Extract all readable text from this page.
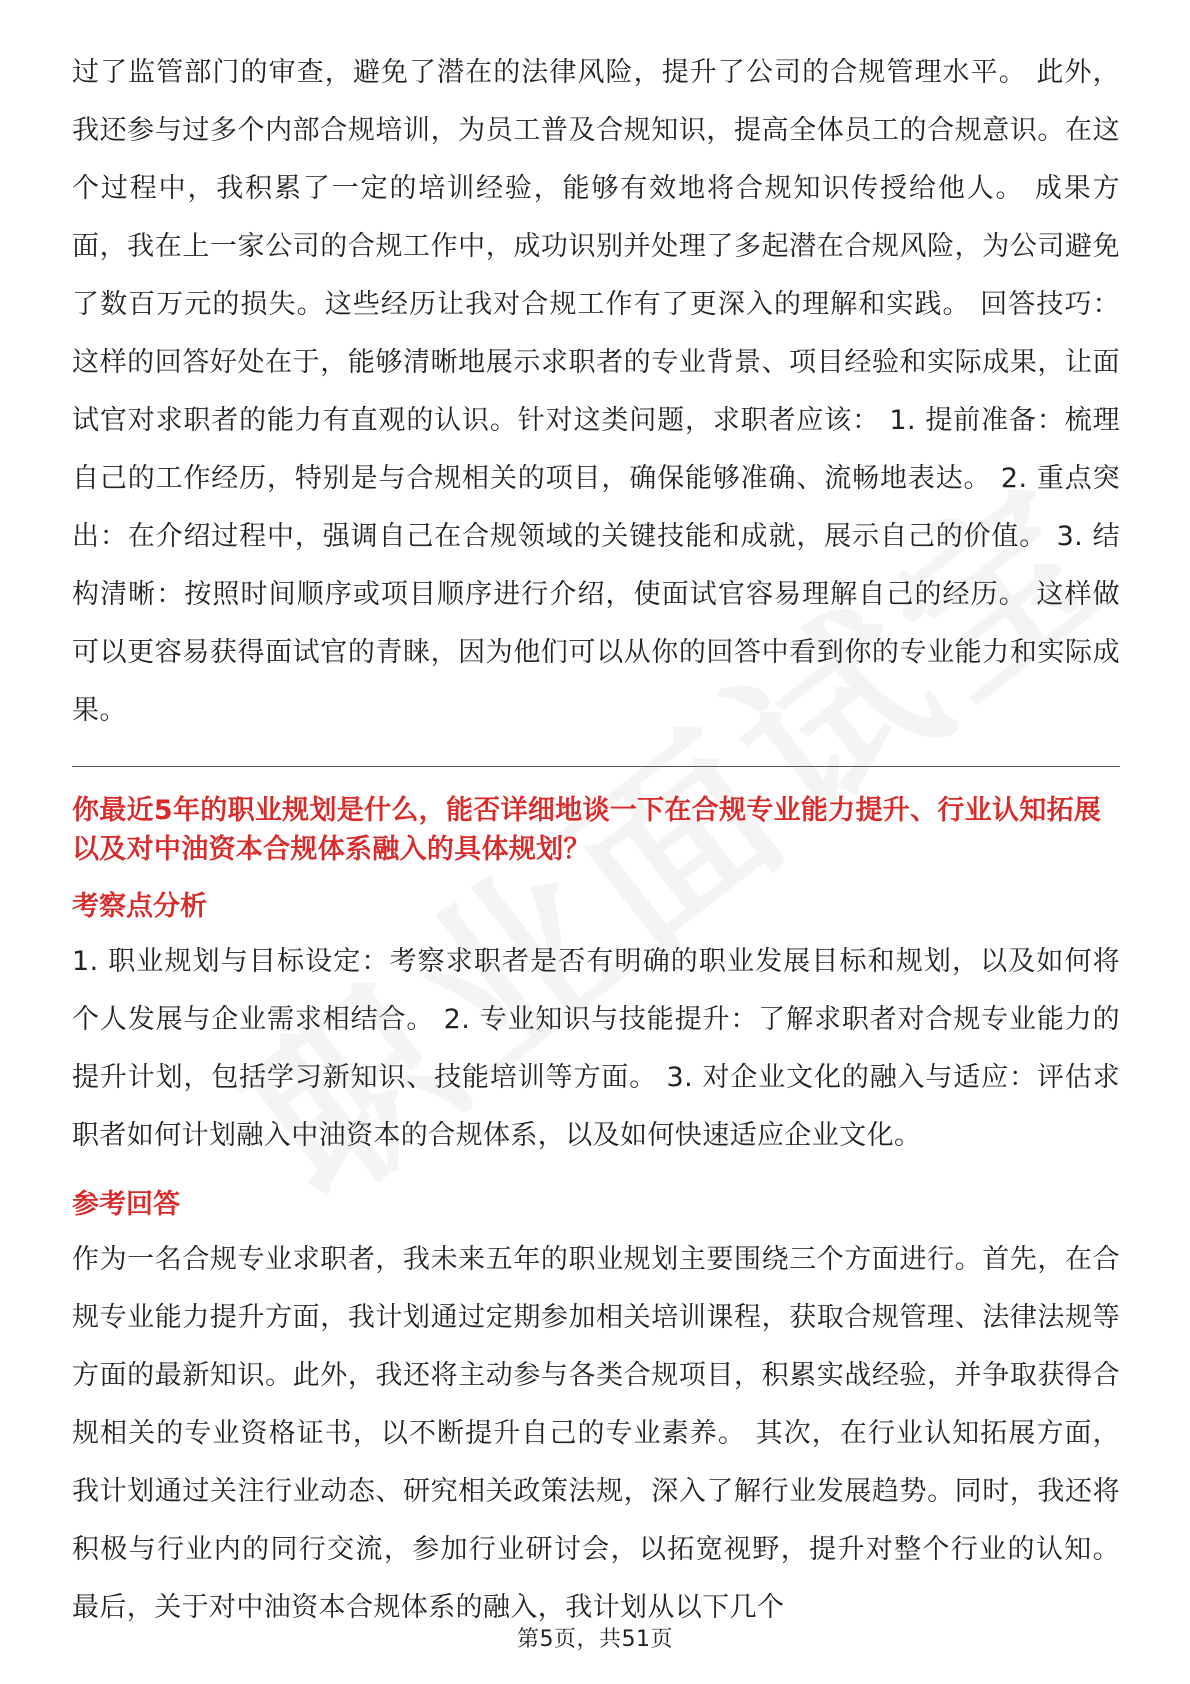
过了监管部门的审查，避免了潜在的法律风险，提升了公司的合规管理水平。 此外，我还参与过多个内部合规培训，为员工普及合规知识，提高全体员工的合规意识。在这个过程中，我积累了一定的培训经验，能够有效地将合规知识传授给他人。 成果方面，我在上一家公司的合规工作中，成功识别并处理了多起潜在合规风险，为公司避免了数百万元的损失。这些经历让我对合规工作有了更深入的理解和实践。 回答技巧： 这样的回答好处在于，能够清晰地展示求职者的专业背景、项目经验和实际成果，让面试官对求职者的能力有直观的认识。针对这类问题，求职者应该： 1. 提前准备：梳理自己的工作经历，特别是与合规相关的项目，确保能够准确、流畅地表达。 2. 重点突出：在介绍过程中，强调自己在合规领域的关键技能和成就，展示自己的价值。 3. 结构清晰：按照时间顺序或项目顺序进行介绍，使面试官容易理解自己的经历。 这样做可以更容易获得面试官的青睐，因为他们可以从你的回答中看到你的专业能力和实际成果。

你最近5年的职业规划是什么，能否详细地谈一下在合规专业能力提升、行业认知拓展以及对中油资本合规体系融入的具体规划？

考察点分析

1. 职业规划与目标设定：考察求职者是否有明确的职业发展目标和规划，以及如何将个人发展与企业需求相结合。 2. 专业知识与技能提升：了解求职者对合规专业能力的提升计划，包括学习新知识、技能培训等方面。 3. 对企业文化的融入与适应：评估求职者如何计划融入中油资本的合规体系，以及如何快速适应企业文化。

参考回答

作为一名合规专业求职者，我未来五年的职业规划主要围绕三个方面进行。首先，在合规专业能力提升方面，我计划通过定期参加相关培训课程，获取合规管理、法律法规等方面的最新知识。此外，我还将主动参与各类合规项目，积累实战经验，并争取获得合规相关的专业资格证书，以不断提升自己的专业素养。 其次，在行业认知拓展方面，我计划通过关注行业动态、研究相关政策法规，深入了解行业发展趋势。同时，我还将积极与行业内的同行交流，参加行业研讨会，以拓宽视野，提升对整个行业的认知。 最后，关于对中油资本合规体系的融入，我计划从以下几个

第5页，共51页
